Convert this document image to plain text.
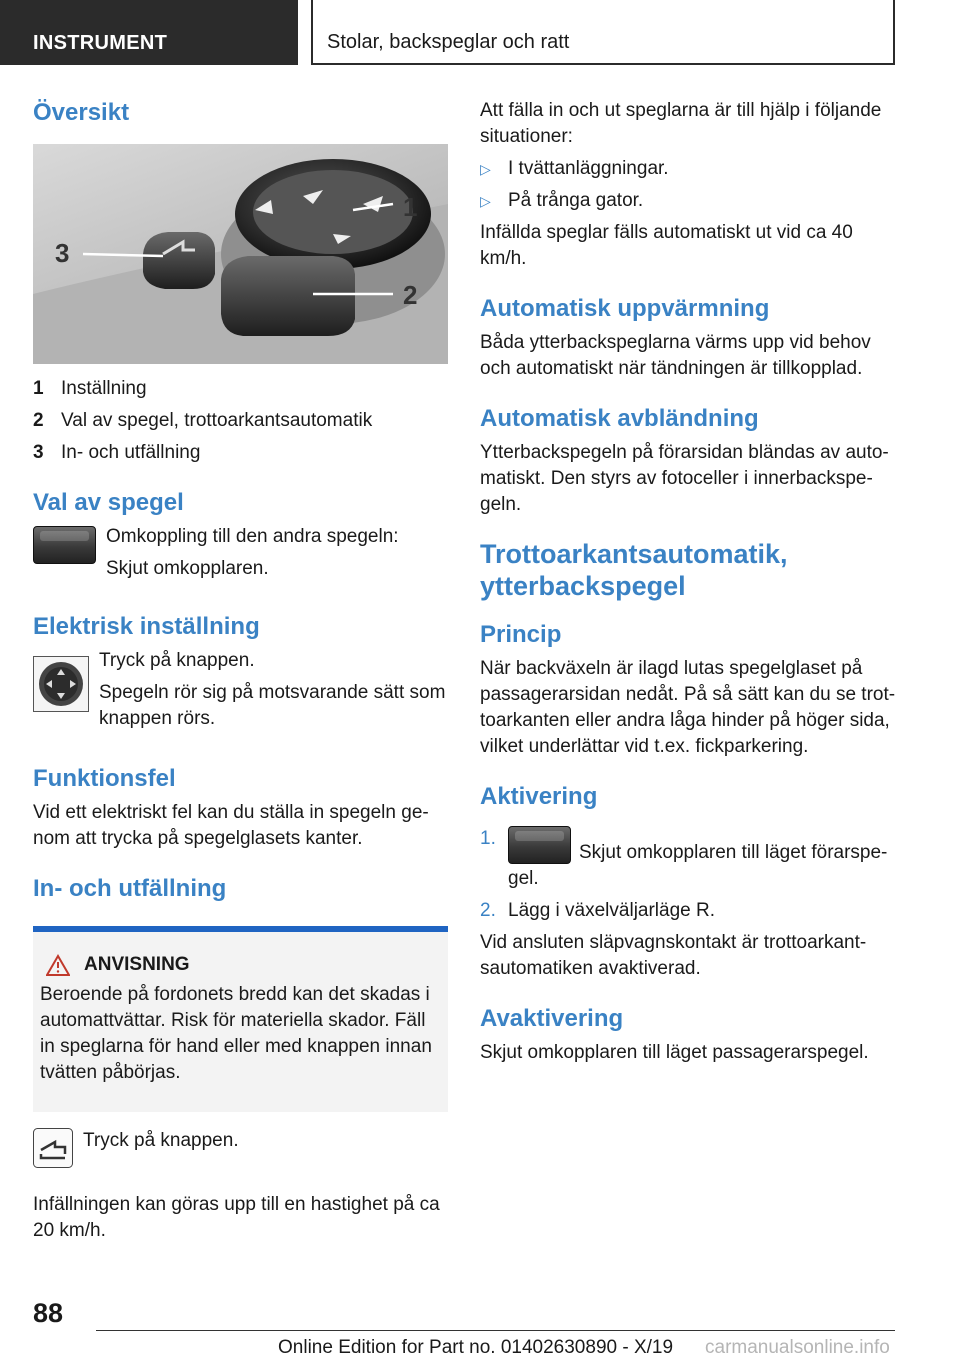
INSTRUMENT	Stolar, backspeglar och ratt
Översikt
1
2
3
1 Inställning
2 Val av spegel, trottoarkantsautomatik
3 In- och utfällning
Val av spegel

Omkoppling till den andra spegeln:

Skjut omkopplaren.

Elektrisk inställning

Tryck på knappen.

Spegeln rör sig på motsvarande sätt som knappen rörs.

Funktionsfel

Vid ett elektriskt fel kan du ställa in spegeln ge-nom att trycka på spegelglasets kanter.

In- och utfällning
ANVISNING

Beroende på fordonets bredd kan det skadas i automattvättar. Risk för materiella skador. Fäll in speglarna för hand eller med knappen innan tvätten påbörjas.

Tryck på knappen.

Infällningen kan göras upp till en hastighet på ca 20 km/h.

Att fälla in och ut speglarna är till hjälp i följande situationer:

▷ I tvättanläggningar.
▷ På trånga gator.

Infällda speglar fälls automatiskt ut vid ca 40 km/h.

Automatisk uppvärmning

Båda ytterbackspeglarna värms upp vid behov och automatiskt när tändningen är tillkopplad.

Automatisk avbländning

Ytterbackspegeln på förarsidan bländas av auto-matiskt. Den styrs av fotoceller i innerbackspe-geln.

Trottoarkantsautomatik,
ytterbackspegel
Princip

När backväxeln är ilagd lutas spegelglaset på passagerarsidan nedåt. På så sätt kan du se trot-toarkanten eller andra låga hinder på höger sida, vilket underlättar vid t.ex. fickparkering.

Aktivering
1.
Skjut omkopplaren till läget förarspe-gel.
2. Lägg i växelväljarläge R.

Vid ansluten släpvagnskontakt är trottoarkant-sautomatiken avaktiverad.

Avaktivering

Skjut omkopplaren till läget passagerarspegel.

88
Online Edition for Part no. 01402630890 - X/19 carmanualsonline.info
